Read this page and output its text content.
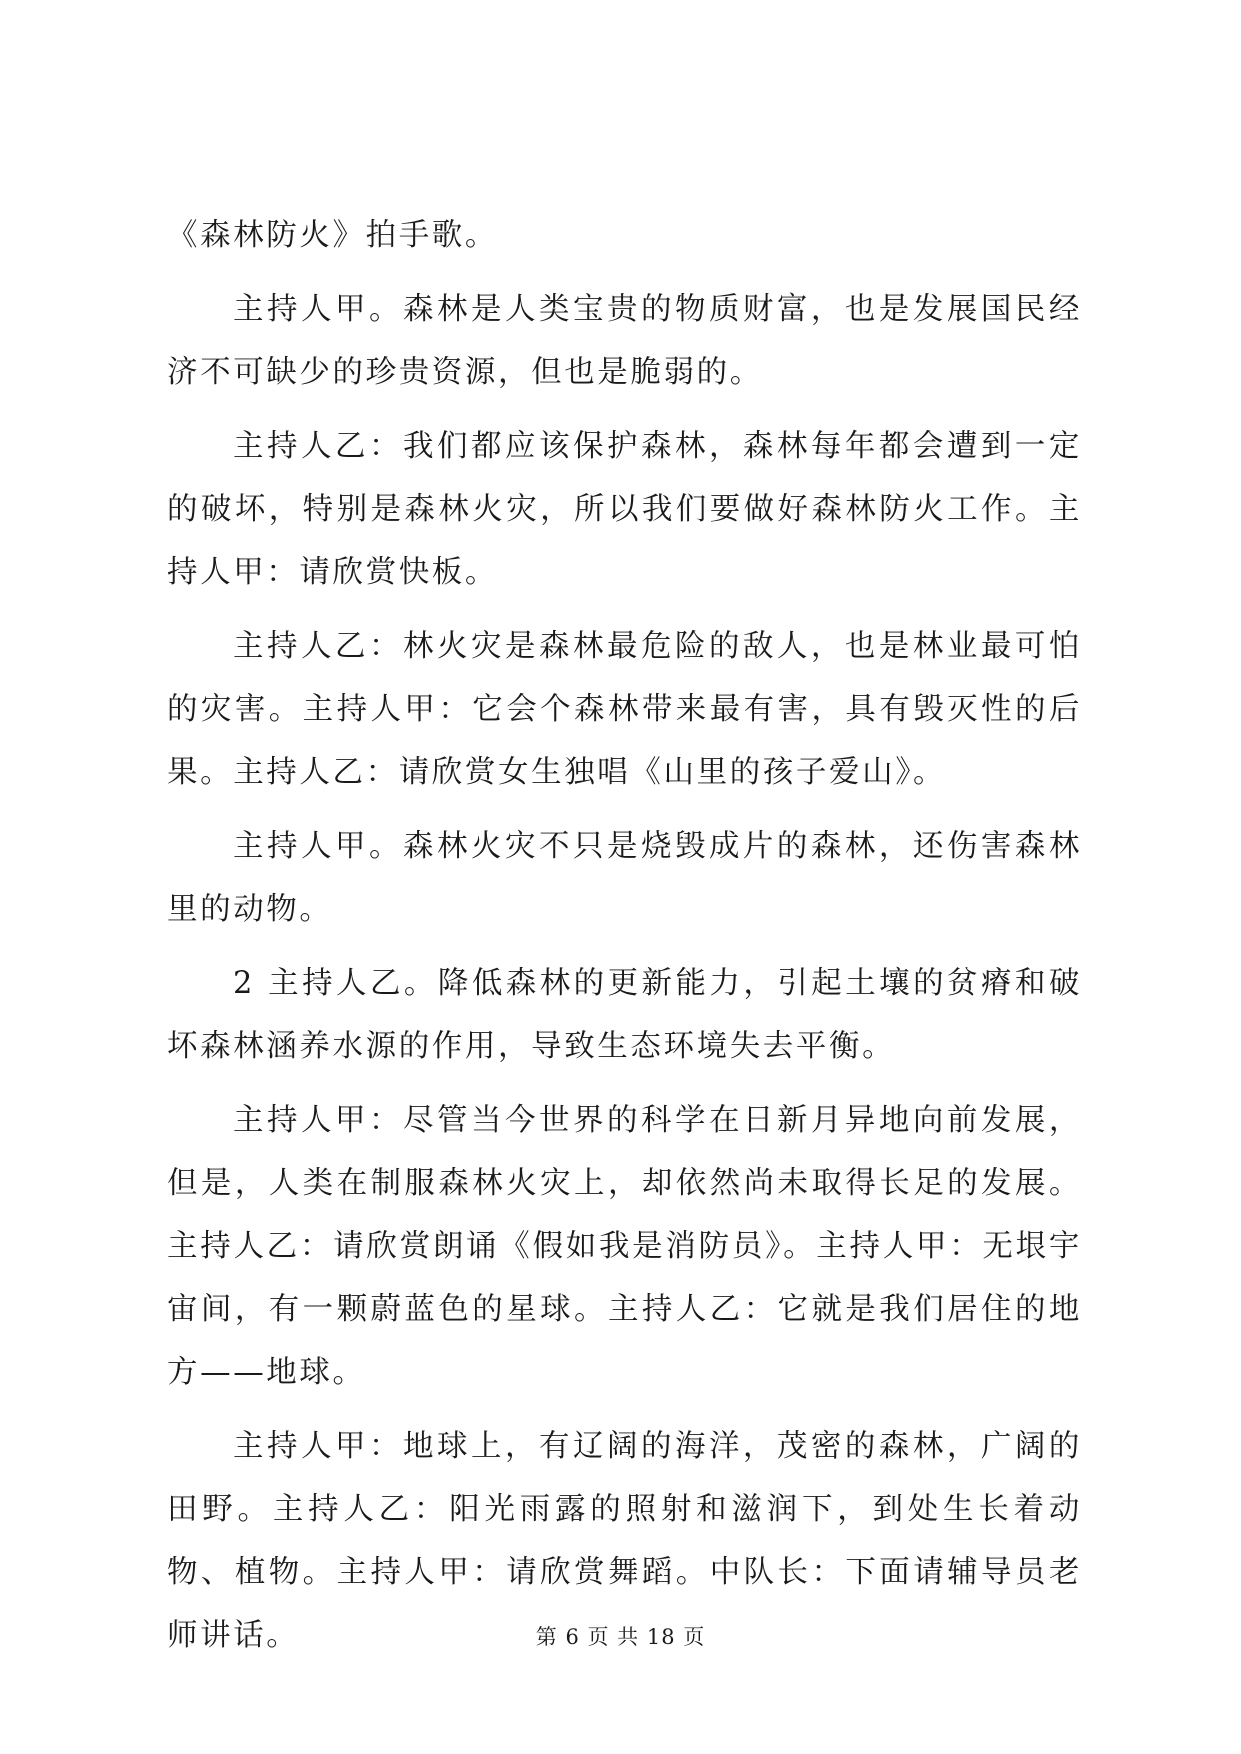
《森林防火》拍手歌。

主持人甲。森林是人类宝贵的物质财富，也是发展国民经济不可缺少的珍贵资源，但也是脆弱的。

主持人乙：我们都应该保护森林，森林每年都会遭到一定的破坏，特别是森林火灾，所以我们要做好森林防火工作。主持人甲：请欣赏快板。

主持人乙：林火灾是森林最危险的敌人，也是林业最可怕的灾害。主持人甲：它会个森林带来最有害，具有毁灭性的后果。主持人乙：请欣赏女生独唱《山里的孩子爱山》。

主持人甲。森林火灾不只是烧毁成片的森林，还伤害森林里的动物。

2 主持人乙。降低森林的更新能力，引起土壤的贫瘠和破坏森林涵养水源的作用，导致生态环境失去平衡。

主持人甲：尽管当今世界的科学在日新月异地向前发展，但是，人类在制服森林火灾上，却依然尚未取得长足的发展。主持人乙：请欣赏朗诵《假如我是消防员》。主持人甲：无垠宇宙间，有一颗蔚蓝色的星球。主持人乙：它就是我们居住的地方——地球。

主持人甲：地球上，有辽阔的海洋，茂密的森林，广阔的田野。主持人乙：阳光雨露的照射和滋润下，到处生长着动物、植物。主持人甲：请欣赏舞蹈。中队长：下面请辅导员老师讲话。	第 6 页 共 18 页
